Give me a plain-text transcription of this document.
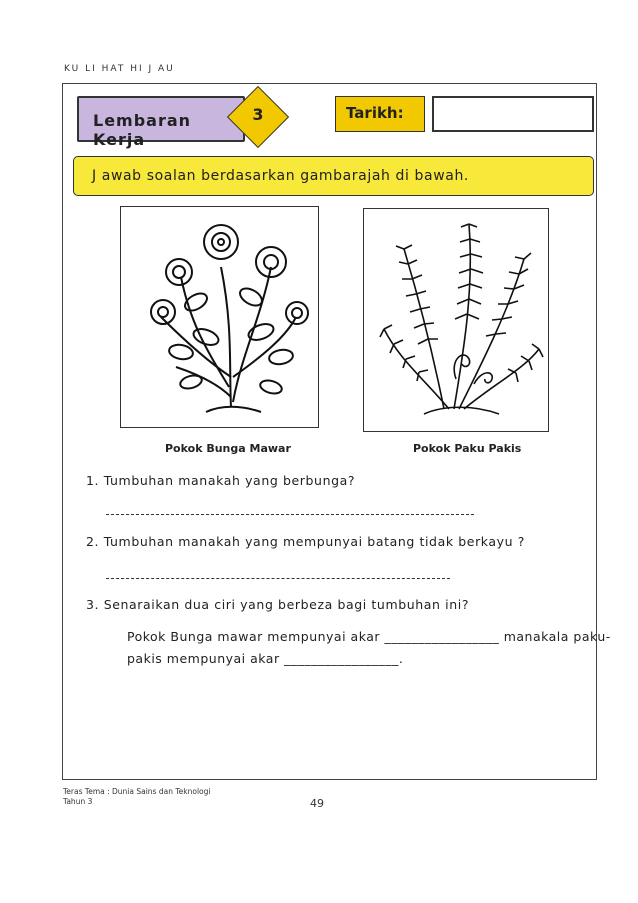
KU LI HAT HI J AU
Lembaran Kerja
3	Tarikh:
J awab soalan berdasarkan gambarajah di bawah.
Pokok Bunga Mawar	Pokok Paku Pakis
1. Tumbuhan manakah yang berbunga?
2. Tumbuhan manakah yang mempunyai batang tidak berkayu ?
3. Senaraikan dua ciri yang berbeza bagi tumbuhan ini?
Pokok Bunga mawar mempunyai akar _________________ manakala paku-
pakis mempunyai akar _________________.
Teras Tema : Dunia Sains dan Teknologi
Tahun 3	49
